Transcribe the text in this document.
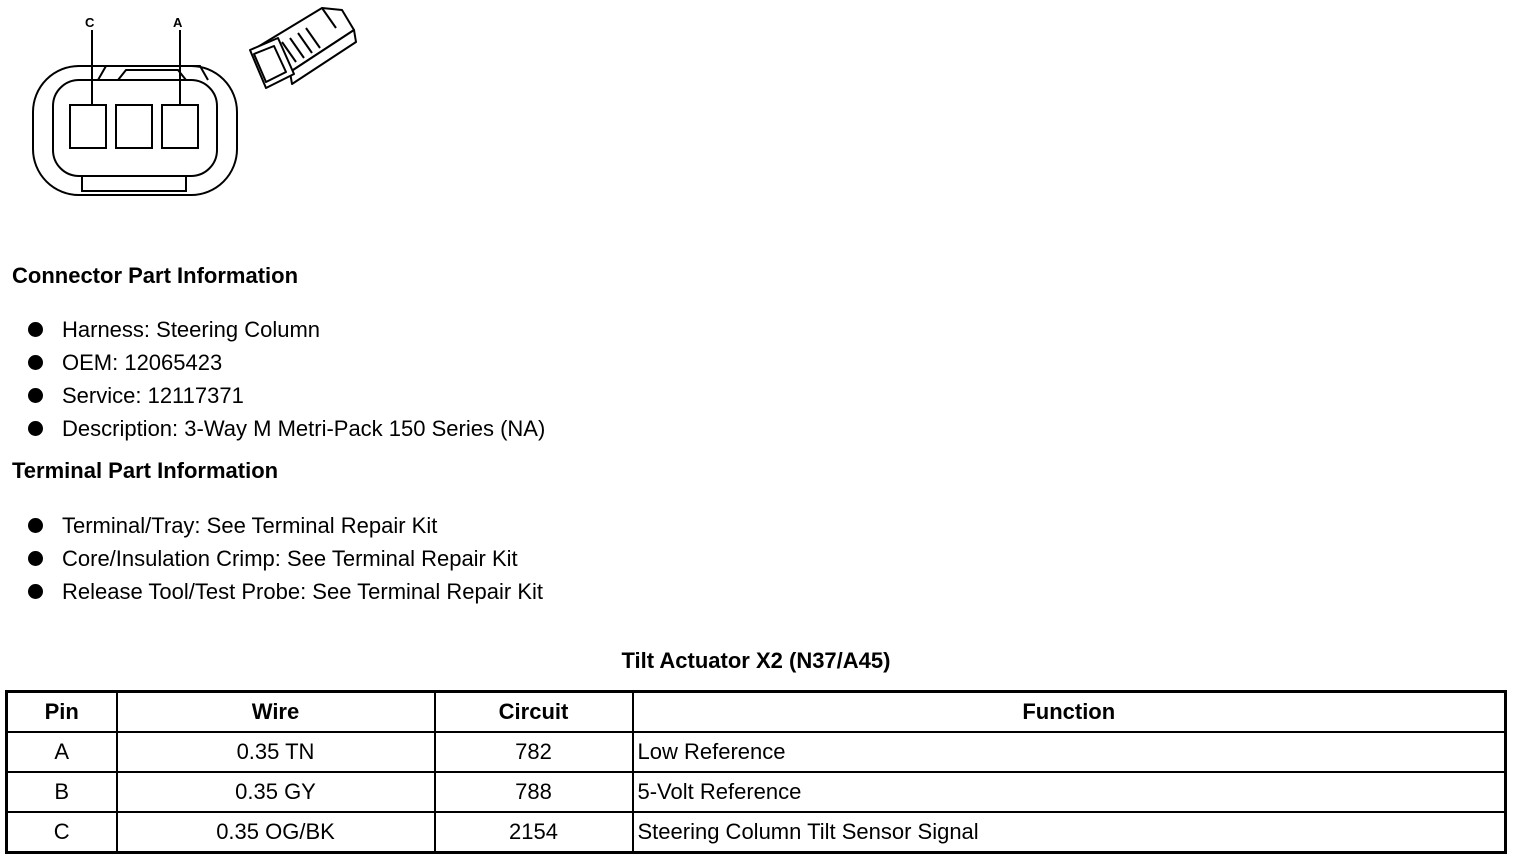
C	A
Connector Part Information
Harness: Steering Column
OEM: 12065423
Service: 12117371
Description: 3-Way M Metri-Pack 150 Series (NA)
Terminal Part Information
Terminal/Tray: See Terminal Repair Kit
Core/Insulation Crimp: See Terminal Repair Kit
Release Tool/Test Probe: See Terminal Repair Kit
Tilt Actuator X2 (N37/A45)
Pin	Wire	Circuit	Function
A	0.35 TN	782	Low Reference
B	0.35 GY	788	5-Volt Reference
C	0.35 OG/BK	2154	Steering Column Tilt Sensor Signal
